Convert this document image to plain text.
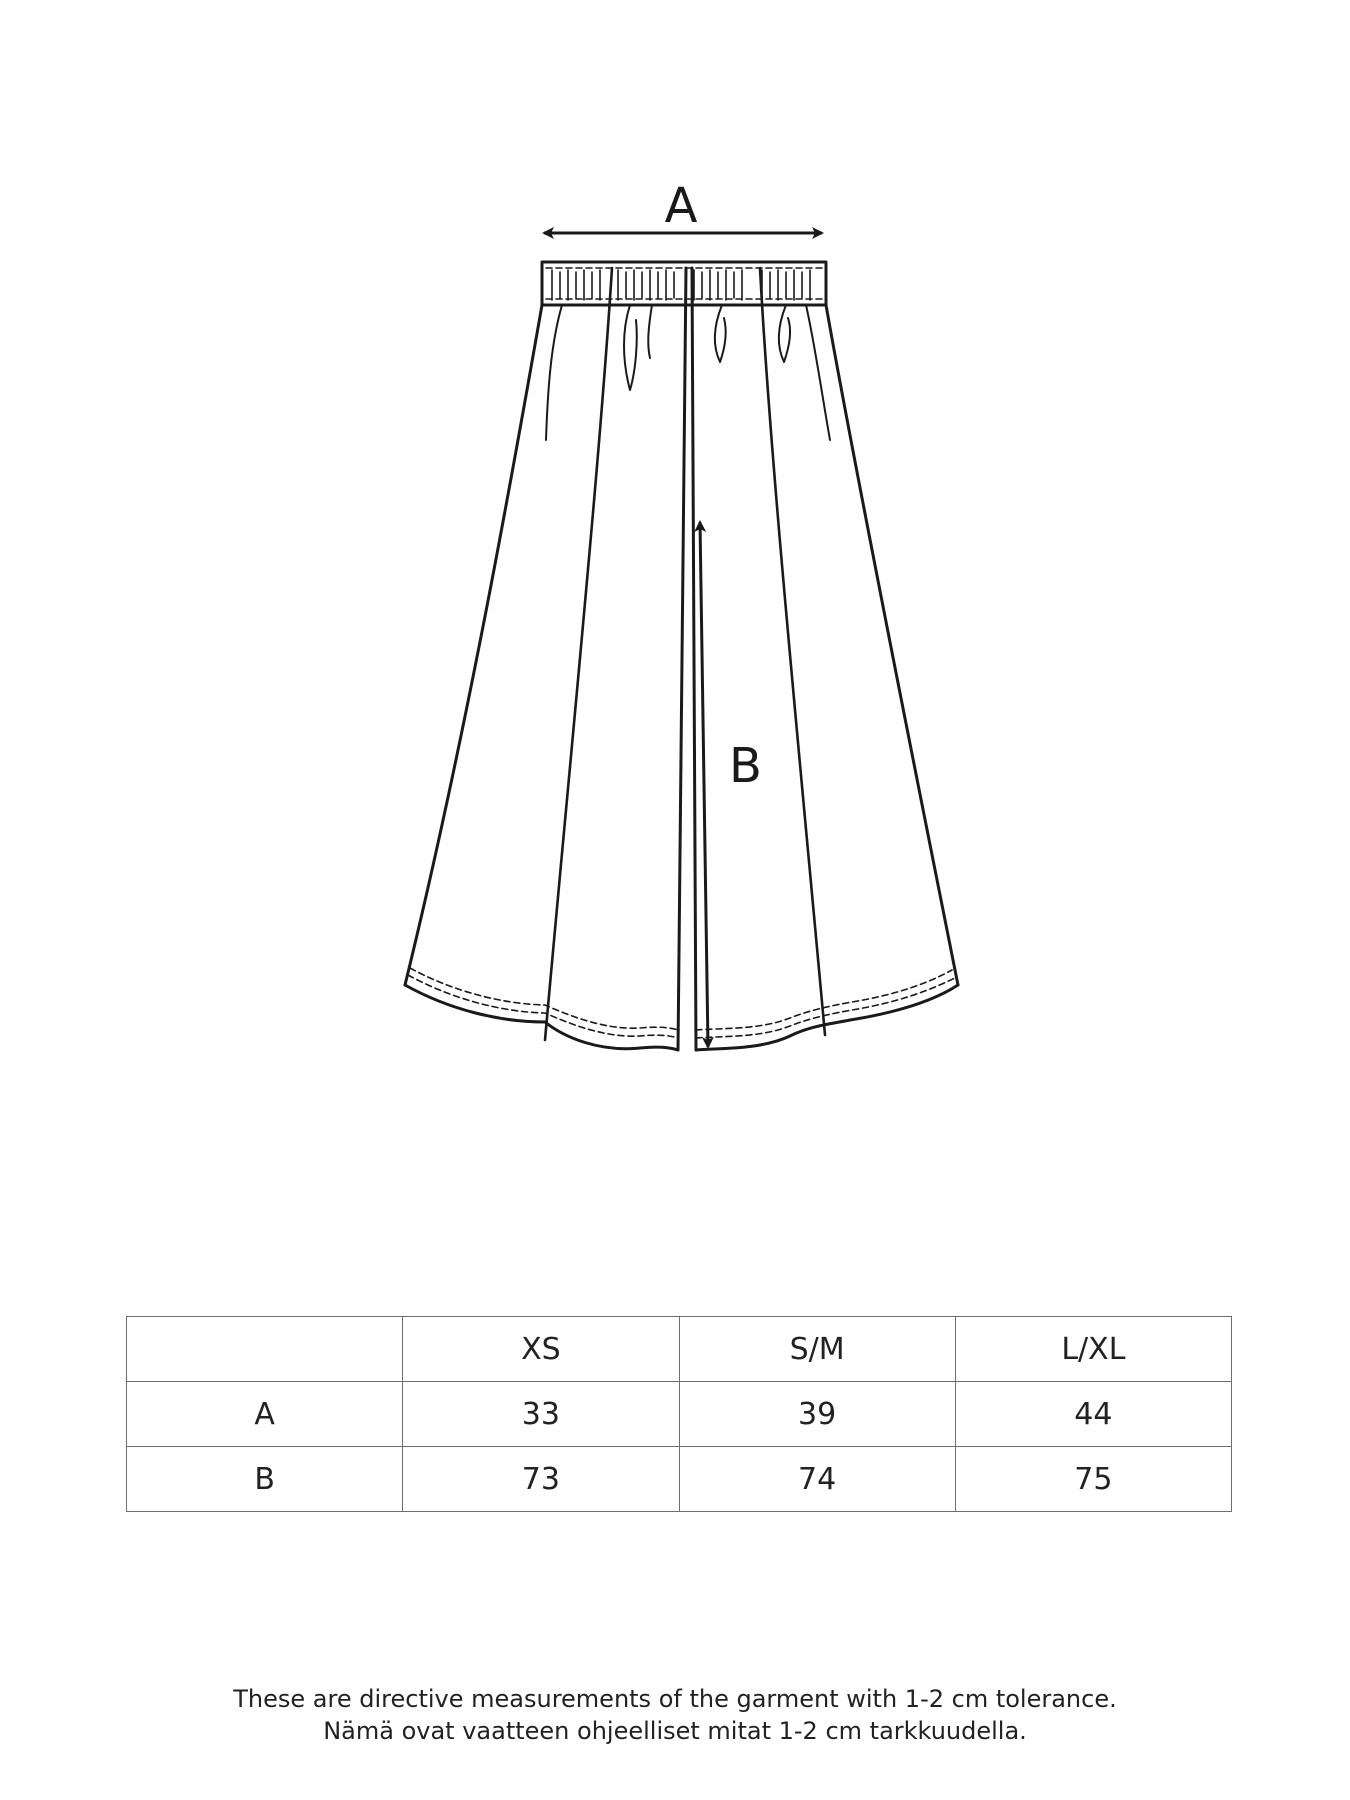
A
B
	XS	S/M	L/XL
A	33	39	44
B	73	74	75
These are directive measurements of the garment with 1-2 cm tolerance.
Nämä ovat vaatteen ohjeelliset mitat 1-2 cm tarkkuudella.
